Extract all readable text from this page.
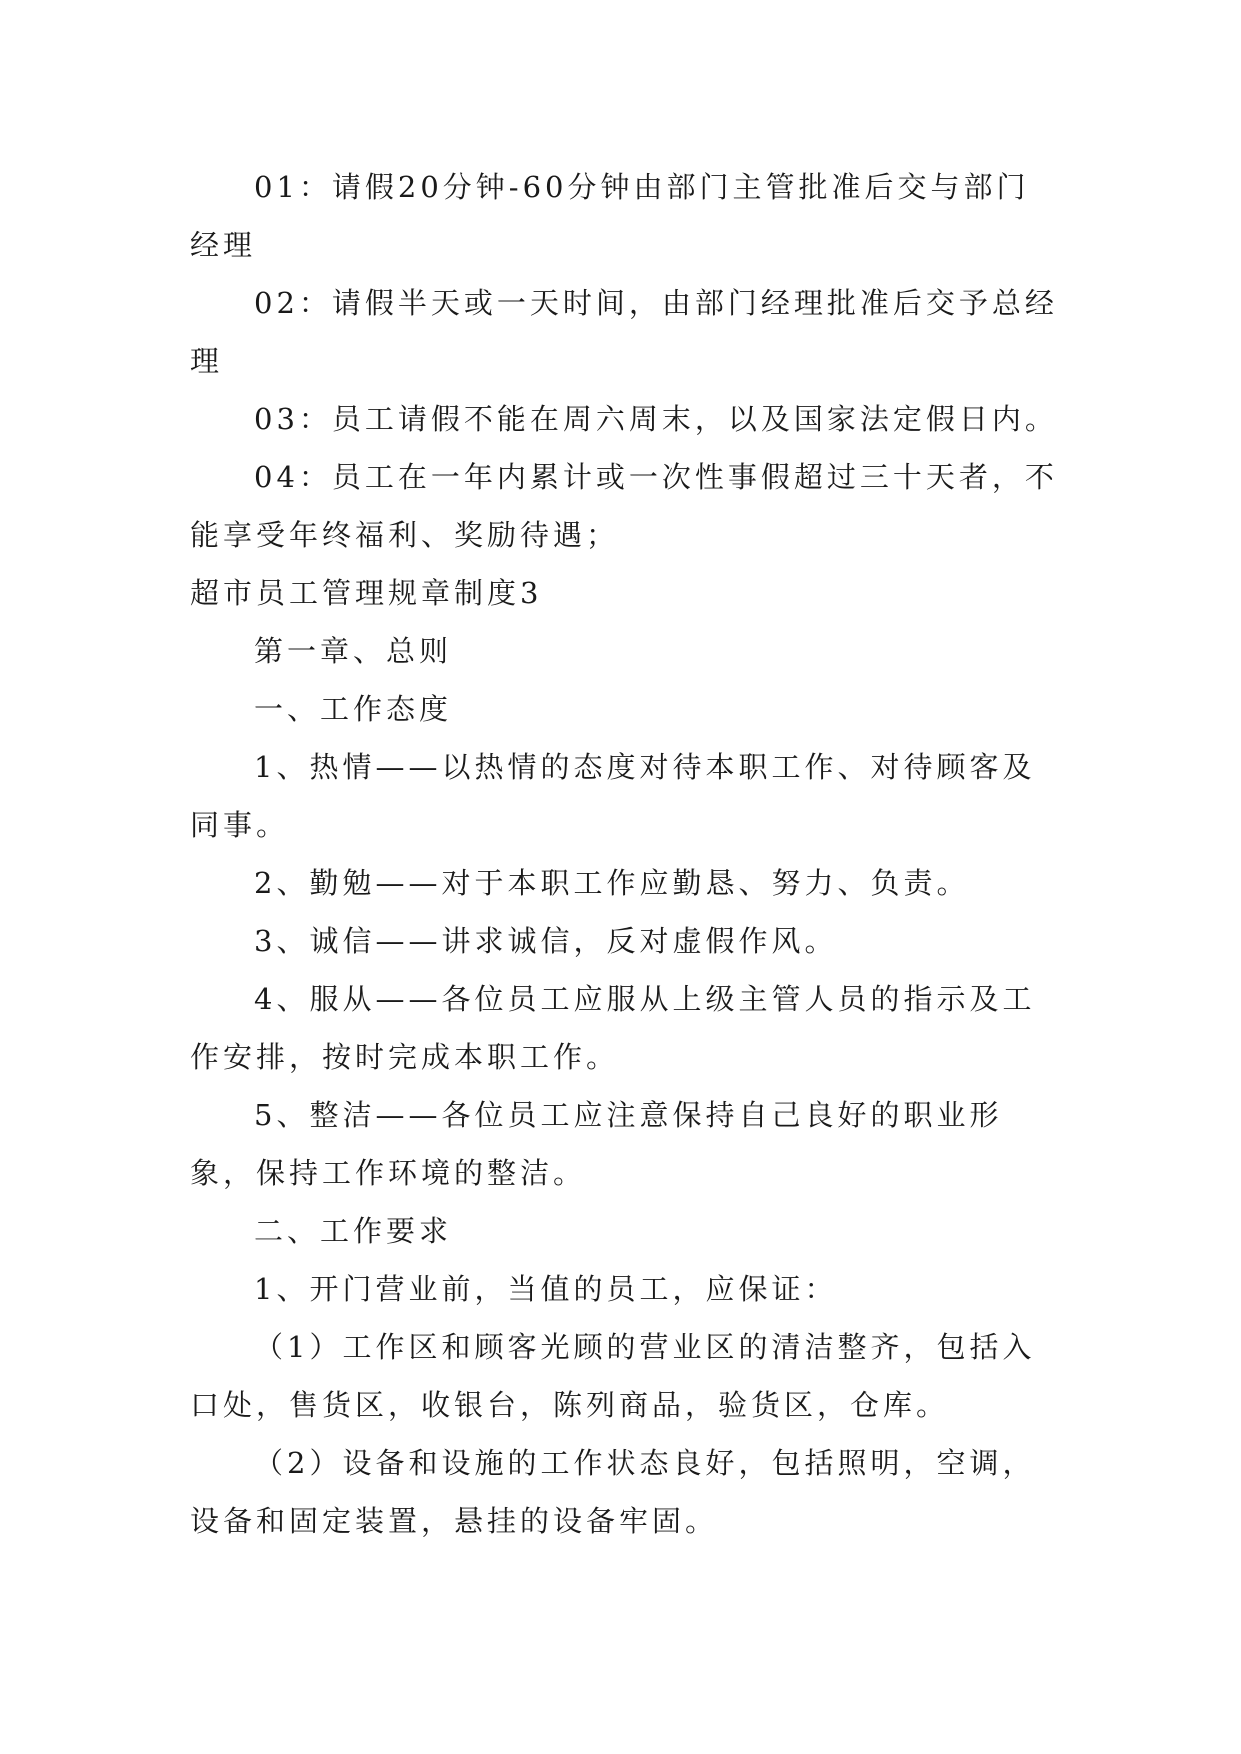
01：请假20分钟-60分钟由部门主管批准后交与部门经理

02：请假半天或一天时间，由部门经理批准后交予总经理

03：员工请假不能在周六周末，以及国家法定假日内。

04：员工在一年内累计或一次性事假超过三十天者，不能享受年终福利、奖励待遇；

超市员工管理规章制度3

第一章、总则

一、工作态度

1、热情——以热情的态度对待本职工作、对待顾客及同事。

2、勤勉——对于本职工作应勤恳、努力、负责。

3、诚信——讲求诚信，反对虚假作风。

4、服从——各位员工应服从上级主管人员的指示及工作安排，按时完成本职工作。

5、整洁——各位员工应注意保持自己良好的职业形象，保持工作环境的整洁。

二、工作要求

1、开门营业前，当值的员工，应保证：

（1）工作区和顾客光顾的营业区的清洁整齐，包括入口处，售货区，收银台，陈列商品，验货区，仓库。

（2）设备和设施的工作状态良好，包括照明，空调，设备和固定装置，悬挂的设备牢固。
